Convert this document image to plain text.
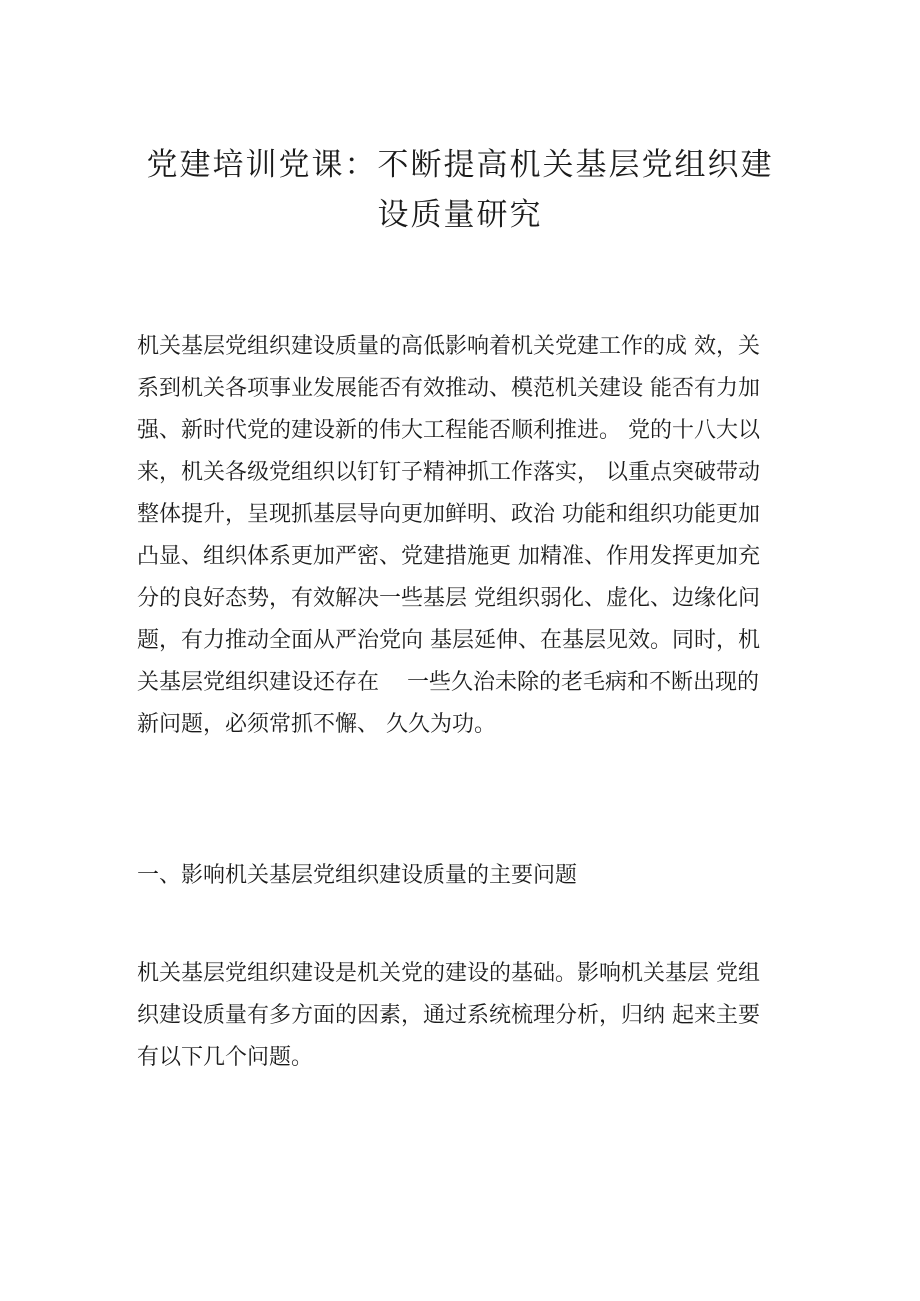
党建培训党课：不断提高机关基层党组织建
设质量研究
机关基层党组织建设质量的高低影响着机关党建工作的成 效，关
系到机关各项事业发展能否有效推动、模范机关建设 能否有力加
强、新时代党的建设新的伟大工程能否顺利推进。 党的十八大以
来，机关各级党组织以钉钉子精神抓工作落实， 以重点突破带动
整体提升，呈现抓基层导向更加鲜明、政治 功能和组织功能更加
凸显、组织体系更加严密、党建措施更 加精准、作用发挥更加充
分的良好态势，有效解决一些基层 党组织弱化、虚化、边缘化问
题，有力推动全面从严治党向 基层延伸、在基层见效。同时，机
关基层党组织建设还存在    一些久治未除的老毛病和不断出现的
新问题，必须常抓不懈、 久久为功。
一、影响机关基层党组织建设质量的主要问题
机关基层党组织建设是机关党的建设的基础。影响机关基层 党组
织建设质量有多方面的因素，通过系统梳理分析，归纳 起来主要
有以下几个问题。
